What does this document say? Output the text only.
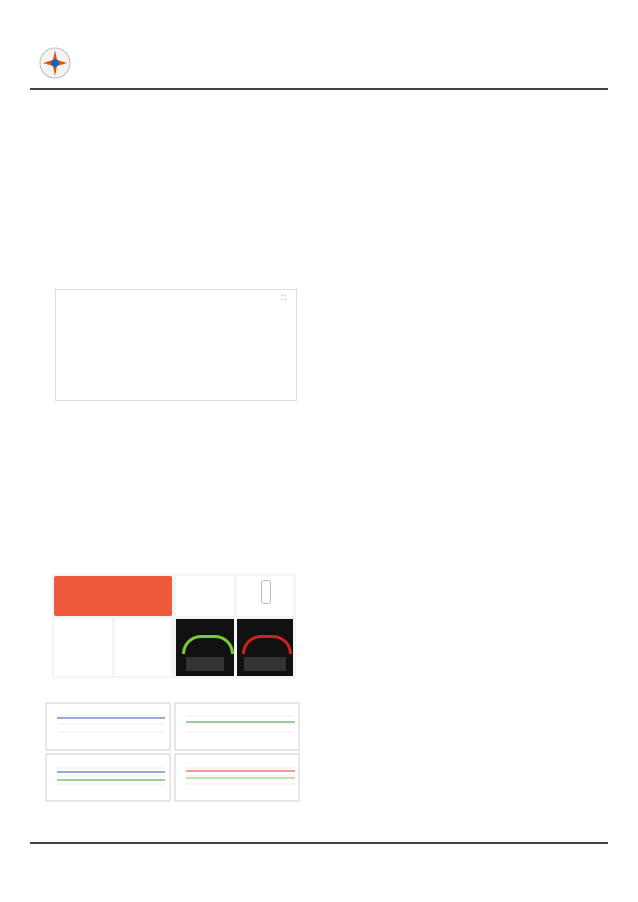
⛶
